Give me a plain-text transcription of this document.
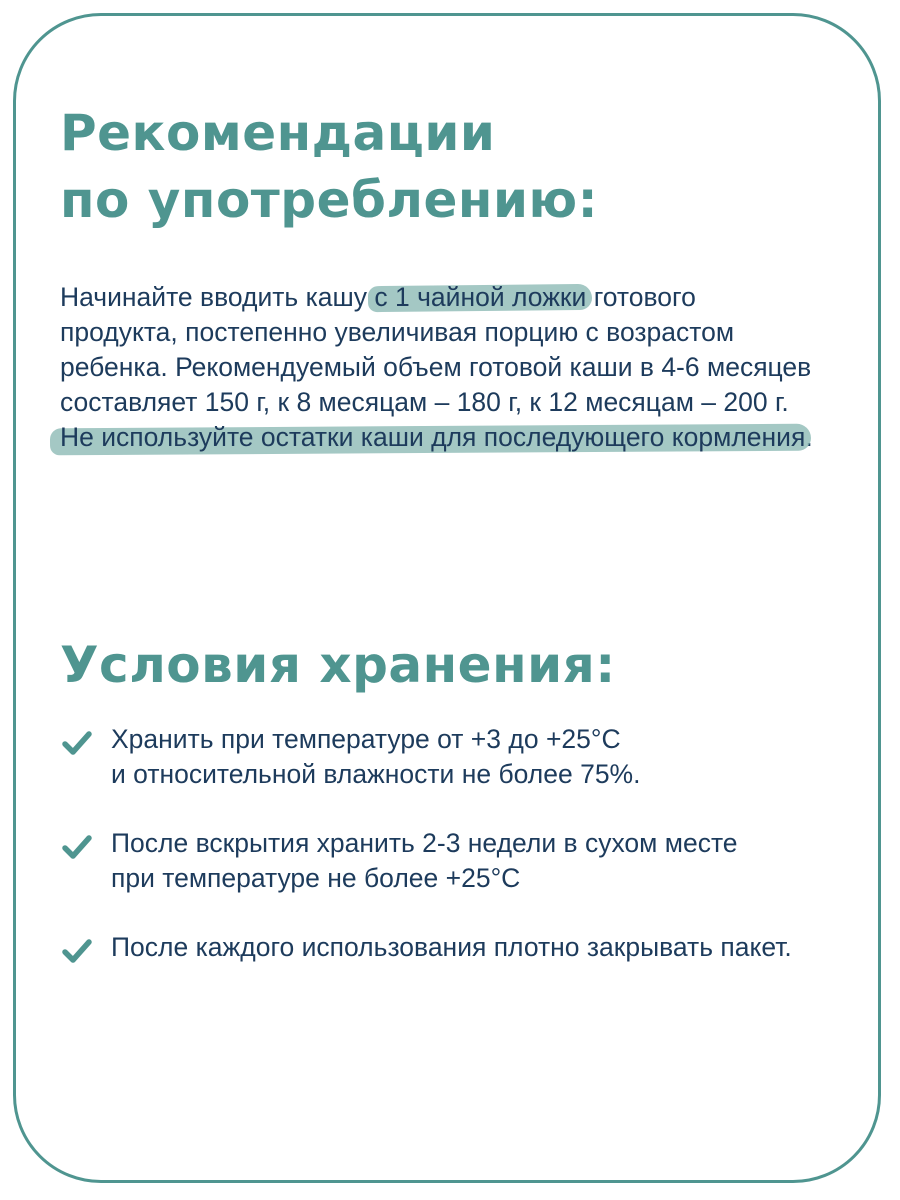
Рекомендации
по употреблению:
Начинайте вводить кашу с 1 чайной ложки готового
продукта, постепенно увеличивая порцию с возрастом
ребенка. Рекомендуемый объем готовой каши в 4-6 месяцев
составляет 150 г, к 8 месяцам – 180 г, к 12 месяцам – 200 г.
Не используйте остатки каши для последующего кормления.
Условия хранения:
Хранить при температуре от +3 до +25°С
и относительной влажности не более 75%.
После вскрытия хранить 2-3 недели в сухом месте
при температуре не более +25°С
После каждого использования плотно закрывать пакет.
